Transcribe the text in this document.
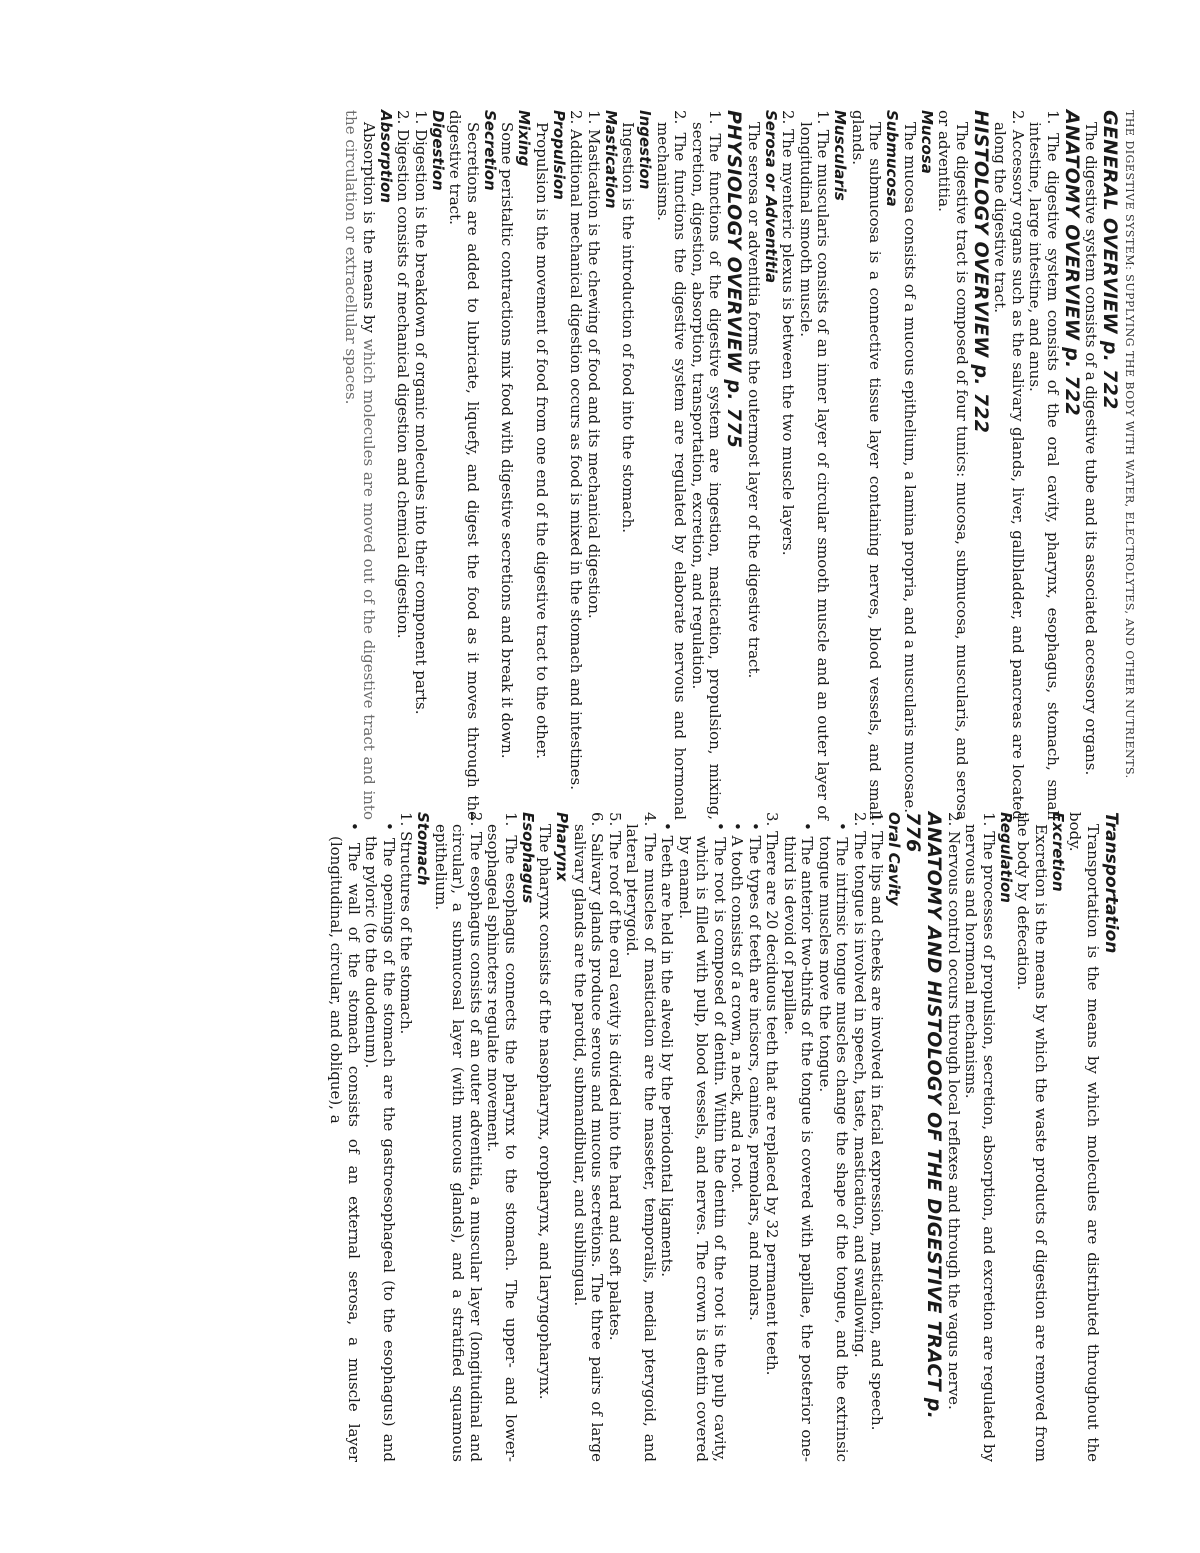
THE DIGESTIVE SYSTEM: SUPPLYING THE BODY WITH WATER, ELECTROLYTES, AND OTHER NUTRIENTS.
GENERAL OVERVIEW p. 722
The digestive system consists of a digestive tube and its associated accessory organs.
ANATOMY OVERVIEW p. 722
1. The digestive system consists of the oral cavity, pharynx, esophagus, stomach, small intestine, large intestine, and anus.
2. Accessory organs such as the salivary glands, liver, gallbladder, and pancreas are located along the digestive tract.
HISTOLOGY OVERVIEW p. 722
The digestive tract is composed of four tunics: mucosa, submucosa, muscularis, and serosa or adventitia.
Mucosa
The mucosa consists of a mucous epithelium, a lamina propria, and a muscularis mucosae.
Submucosa
The submucosa is a connective tissue layer containing nerves, blood vessels, and small glands.
Muscularis
1. The muscularis consists of an inner layer of circular smooth muscle and an outer layer of longitudinal smooth muscle.
2. The myenteric plexus is between the two muscle layers.
Serosa or Adventitia
The serosa or adventitia forms the outermost layer of the digestive tract.
PHYSIOLOGY OVERVIEW p. 775
1. The functions of the digestive system are ingestion, mastication, propulsion, mixing, secretion, digestion, absorption, transportation, excretion, and regulation.
2. The functions the digestive system are regulated by elaborate nervous and hormonal mechanisms.
Ingestion
Ingestion is the introduction of food into the stomach.
Mastication
1. Mastication is the chewing of food and its mechanical digestion.
2. Additional mechanical digestion occurs as food is mixed in the stomach and intestines.
Propulsion
Propulsion is the movement of food from one end of the digestive tract to the other.
Mixing
Some peristaltic contractions mix food with digestive secretions and break it down.
Secretion
Secretions are added to lubricate, liquefy, and digest the food as it moves through the digestive tract.
Digestion
1. Digestion is the breakdown of organic molecules into their component parts.
2. Digestion consists of mechanical digestion and chemical digestion.
Absorption
Absorption is the means by which molecules are moved out of the digestive tract and into the circulation or extracellular spaces.
Transportation
Transportation is the means by which molecules are distributed throughout the body.
Excretion
Excretion is the means by which the waste products of digestion are removed from the body by defecation.
Regulation
1. The processes of propulsion, secretion, absorption, and excretion are regulated by nervous and hormonal mechanisms.
2. Nervous control occurs through local reflexes and through the vagus nerve.
ANATOMY AND HISTOLOGY OF THE DIGESTIVE TRACT p. 776
Oral Cavity
1. The lips and cheeks are involved in facial expression, mastication, and speech.
2. The tongue is involved in speech, taste, mastication, and swallowing.
• The intrinsic tongue muscles change the shape of the tongue, and the extrinsic tongue muscles move the tongue.
• The anterior two-thirds of the tongue is covered with papillae, the posterior one-third is devoid of papillae.
3. There are 20 deciduous teeth that are replaced by 32 permanent teeth.
• The types of teeth are incisors, canines, premolars, and molars.
• A tooth consists of a crown, a neck, and a root.
• The root is composed of dentin. Within the dentin of the root is the pulp cavity, which is filled with pulp, blood vessels, and nerves. The crown is dentin covered by enamel.
• Teeth are held in the alveoli by the periodontal ligaments.
4. The muscles of mastication are the masseter, temporalis, medial pterygoid, and lateral pterygoid.
5. The roof of the oral cavity is divided into the hard and soft palates.
6. Salivary glands produce serous and mucous secretions. The three pairs of large salivary glands are the parotid, submandibular, and sublingual.
Pharynx
The pharynx consists of the nasopharynx, oropharynx, and laryngopharynx.
Esophagus
1. The esophagus connects the pharynx to the stomach. The upper- and lower-esophageal sphincters regulate movement.
2. The esophagus consists of an outer adventitia, a muscular layer (longitudinal and circular), a submucosal layer (with mucous glands), and a stratified squamous epithelium.
Stomach
1. Structures of the stomach.
• The openings of the stomach are the gastroesophageal (to the esophagus) and the pyloric (to the duodenum).
• The wall of the stomach consists of an external serosa, a muscle layer (longitudinal, circular, and oblique), a
